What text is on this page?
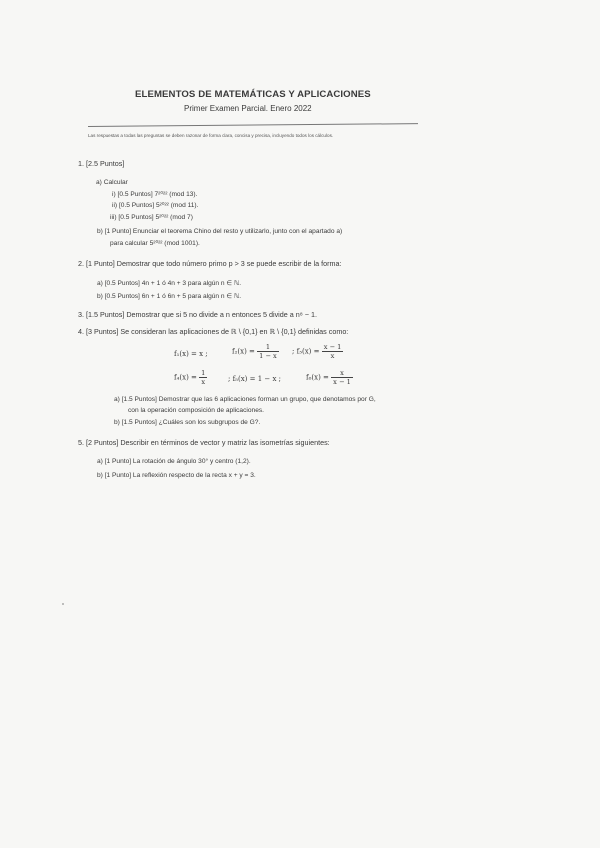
ELEMENTOS DE MATEMÁTICAS Y APLICACIONES
Primer Examen Parcial. Enero 2022
Las respuestas a todas las preguntas se deben razonar de forma clara, concisa y precisa, incluyendo todos los cálculos.
1. [2.5 Puntos]
a) Calcular
i) [0.5 Puntos] 7²⁰²² (mod 13).
ii) [0.5 Puntos] 5²⁰²² (mod 11).
iii) [0.5 Puntos] 5²⁰²² (mod 7)
b) [1 Punto] Enunciar el teorema Chino del resto y utilizarlo, junto con el apartado a)
para calcular 5²⁰²² (mod 1001).
2. [1 Punto] Demostrar que todo número primo p > 3 se puede escribir de la forma:
a) [0.5 Puntos] 4n + 1 ó 4n + 3 para algún n ∈ ℕ.
b) [0.5 Puntos] 6n + 1 ó 6n + 5 para algún n ∈ ℕ.
3. [1.5 Puntos] Demostrar que si 5 no divide a n entonces 5 divide a n⁸ − 1.
4. [3 Puntos] Se consideran las aplicaciones de ℝ \ {0,1} en ℝ \ {0,1} definidas como:
f₁(x) = x ;	$f_2(x) = \frac{1}{1 - x}$ ; $f_3(x) = \frac{x - 1}{x}$
$f_4(x) = \frac{1}{x}$	; f₅(x) = 1 − x ;	$f_6(x) = \frac{x}{x - 1}$
a) [1.5 Puntos] Demostrar que las 6 aplicaciones forman un grupo, que denotamos por G,
con la operación composición de aplicaciones.
b) [1.5 Puntos] ¿Cuáles son los subgrupos de G?.
5. [2 Puntos] Describir en términos de vector y matriz las isometrías siguientes:
a) [1 Punto] La rotación de ángulo 30° y centro (1,2).
b) [1 Punto] La reflexión respecto de la recta x + y = 3.
